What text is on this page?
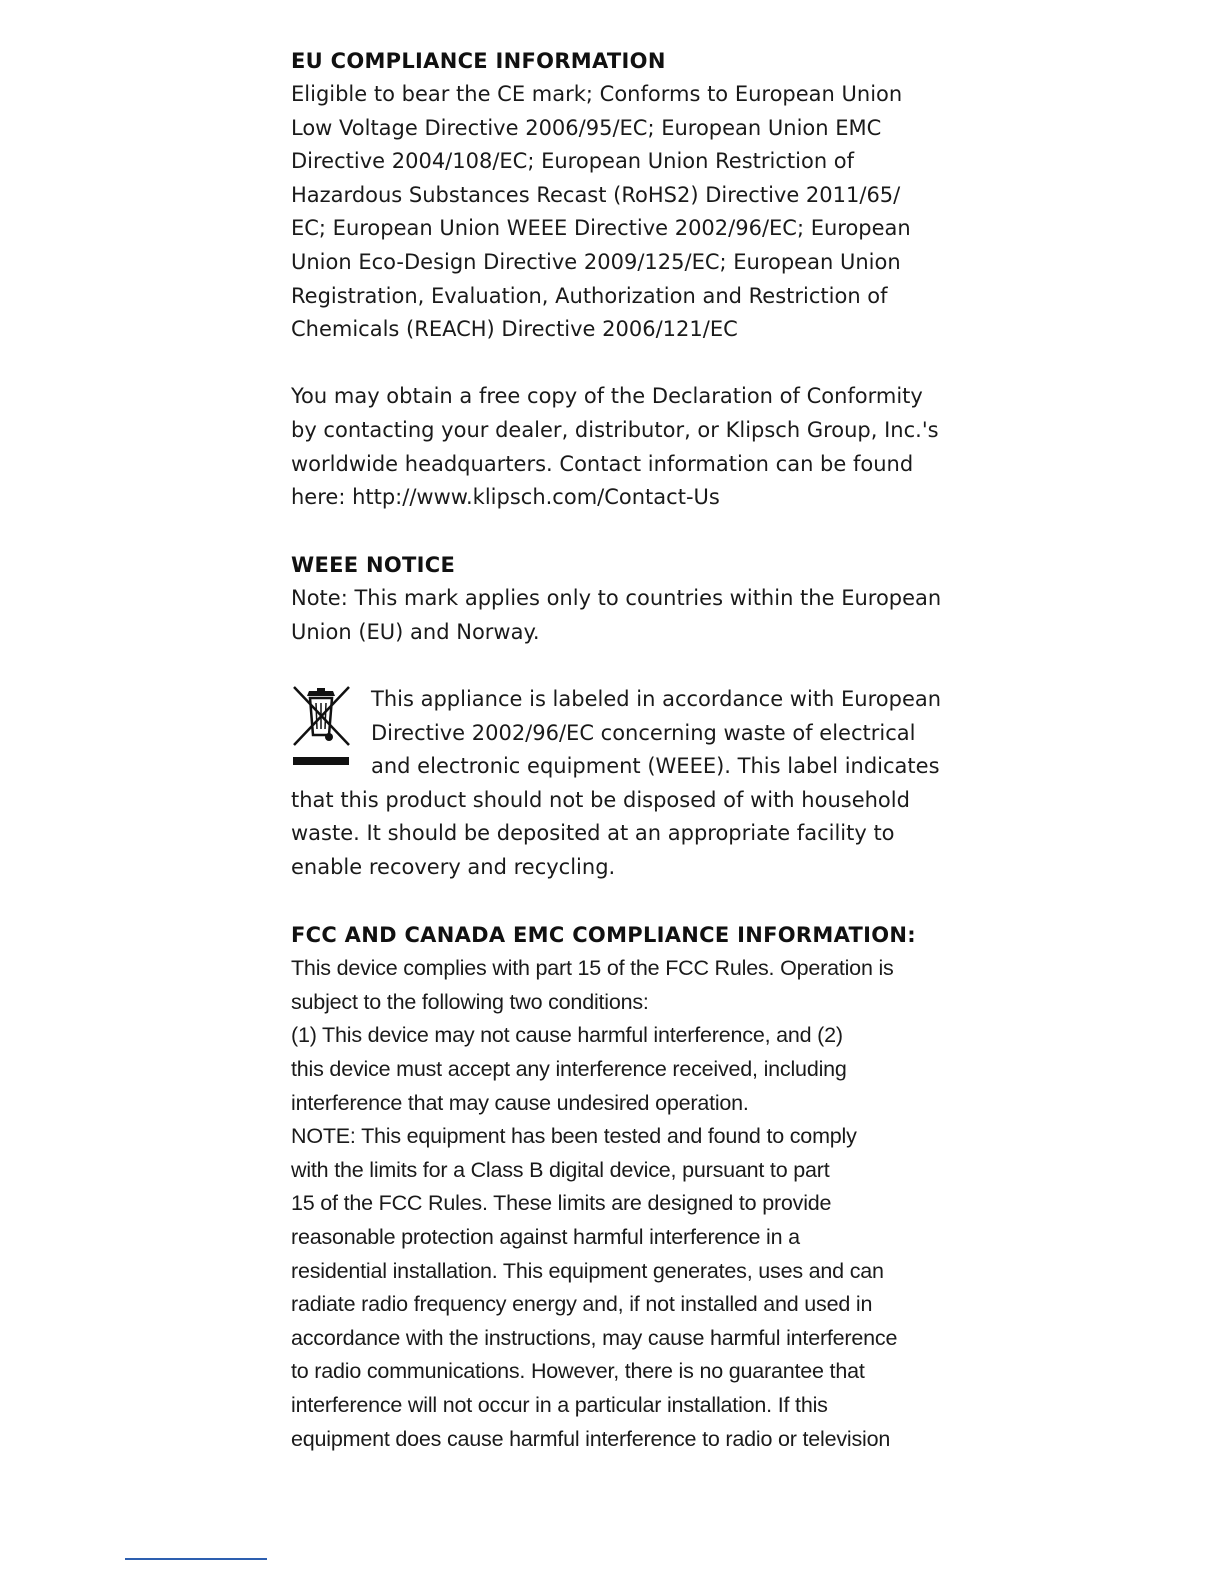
EU COMPLIANCE INFORMATION

Eligible to bear the CE mark; Conforms to European Union

Low Voltage Directive 2006/95/EC; European Union EMC

Directive 2004/108/EC; European Union Restriction of

Hazardous Substances Recast (RoHS2) Directive 2011/65/

EC; European Union WEEE Directive 2002/96/EC; European

Union Eco-Design Directive 2009/125/EC; European Union

Registration, Evaluation, Authorization and Restriction of

Chemicals (REACH) Directive 2006/121/EC

You may obtain a free copy of the Declaration of Conformity

by contacting your dealer, distributor, or Klipsch Group, Inc.'s

worldwide headquarters. Contact information can be found

here: http://www.klipsch.com/Contact-Us

WEEE NOTICE

Note: This mark applies only to countries within the European

Union (EU) and Norway.

This appliance is labeled in accordance with European

Directive 2002/96/EC concerning waste of electrical

and electronic equipment (WEEE). This label indicates

that this product should not be disposed of with household

waste. It should be deposited at an appropriate facility to

enable recovery and recycling.

FCC AND CANADA EMC COMPLIANCE INFORMATION:

This device complies with part 15 of the FCC Rules. Operation is

subject to the following two conditions:

(1) This device may not cause harmful interference, and (2)

this device must accept any interference received, including

interference that may cause undesired operation.

NOTE: This equipment has been tested and found to comply

with the limits for a Class B digital device, pursuant to part

15 of the FCC Rules. These limits are designed to provide

reasonable protection against harmful interference in a

residential installation. This equipment generates, uses and can

radiate radio frequency energy and, if not installed and used in

accordance with the instructions, may cause harmful interference

to radio communications. However, there is no guarantee that

interference will not occur in a particular installation. If this

equipment does cause harmful interference to radio or television
